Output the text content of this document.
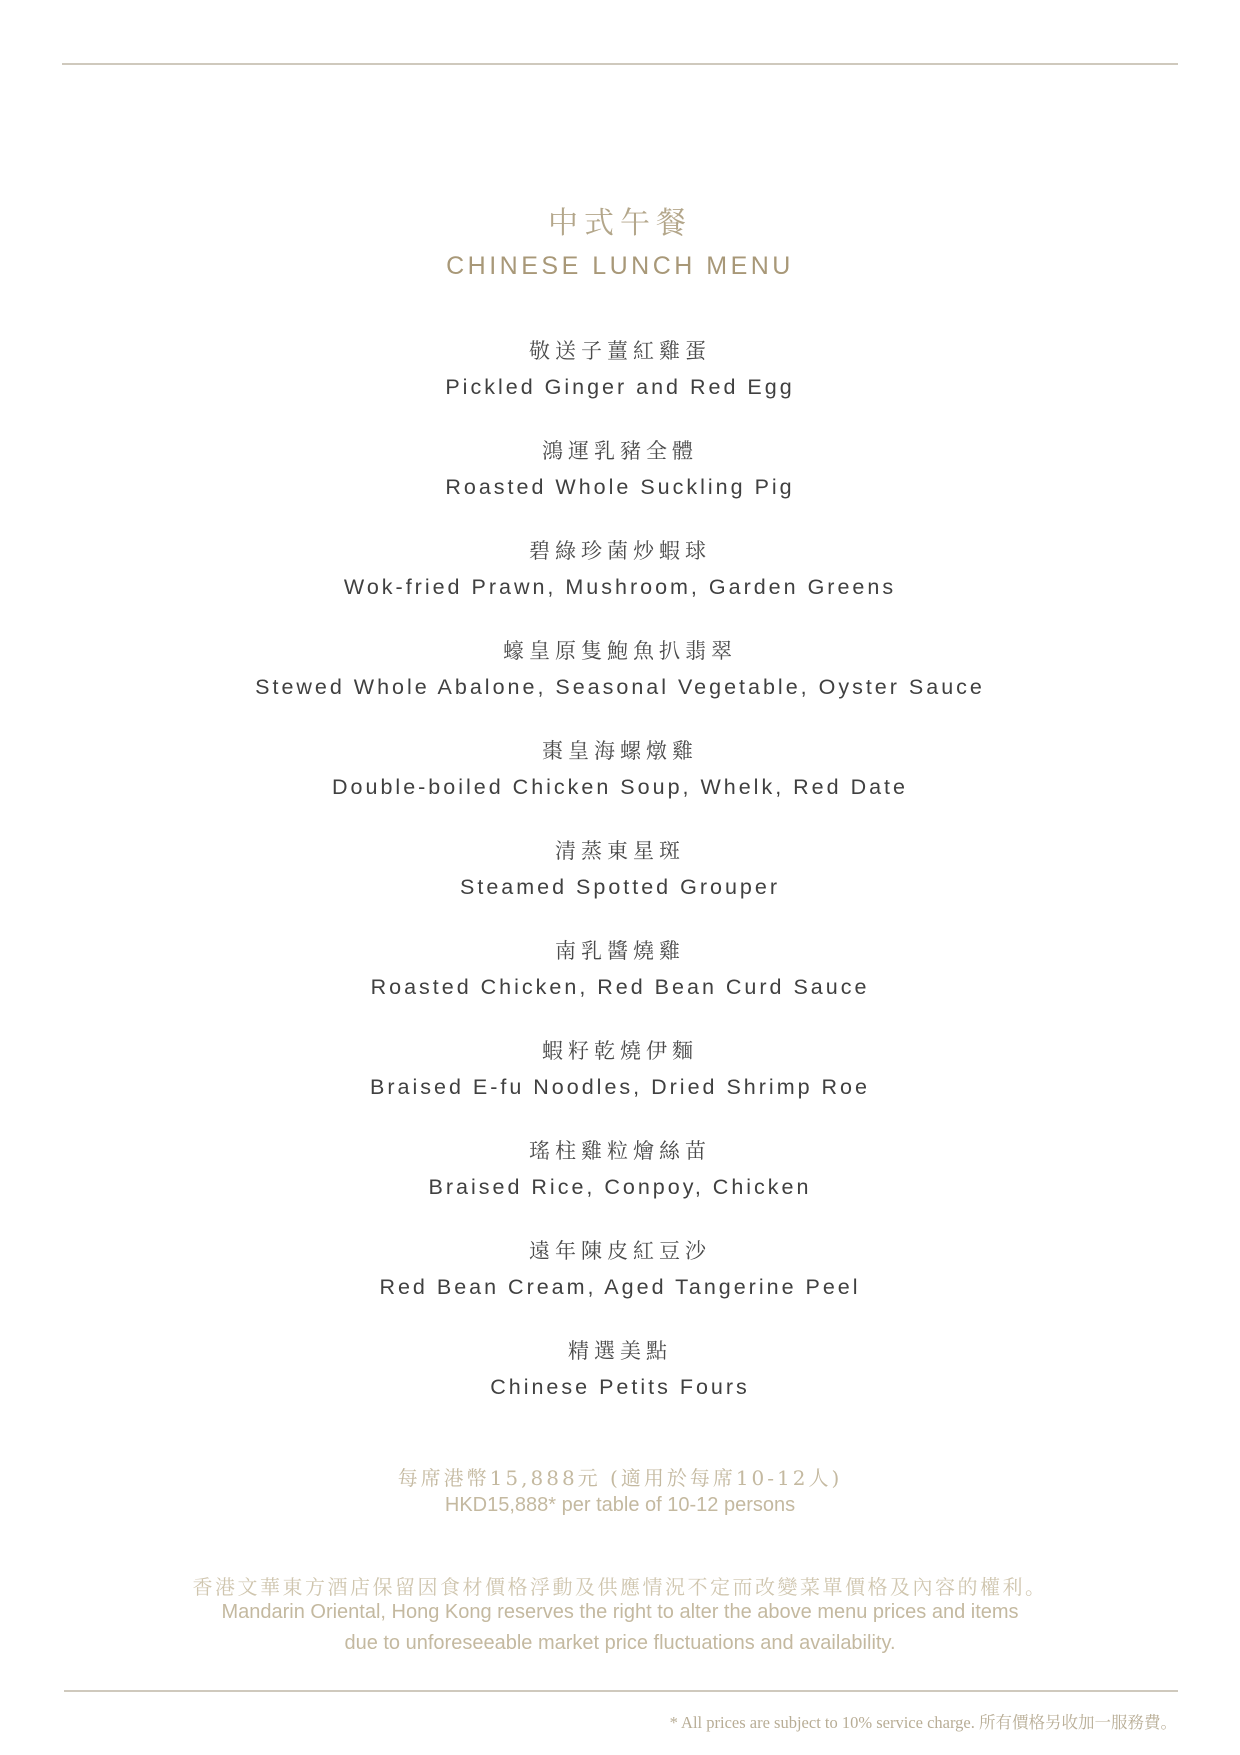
中式午餐
CHINESE LUNCH MENU
敬送子薑紅雞蛋
Pickled Ginger and Red Egg
鴻運乳豬全體
Roasted Whole Suckling Pig
碧綠珍菌炒蝦球
Wok-fried Prawn, Mushroom, Garden Greens
蠔皇原隻鮑魚扒翡翠
Stewed Whole Abalone, Seasonal Vegetable, Oyster Sauce
棗皇海螺燉雞
Double-boiled Chicken Soup, Whelk, Red Date
清蒸東星斑
Steamed Spotted Grouper
南乳醬燒雞
Roasted Chicken, Red Bean Curd Sauce
蝦籽乾燒伊麵
Braised E-fu Noodles, Dried Shrimp Roe
瑤柱雞粒燴絲苗
Braised Rice, Conpoy, Chicken
遠年陳皮紅豆沙
Red Bean Cream, Aged Tangerine Peel
精選美點
Chinese Petits Fours
每席港幣15,888元 (適用於每席10-12人)
HKD15,888* per table of 10-12 persons
香港文華東方酒店保留因食材價格浮動及供應情況不定而改變菜單價格及內容的權利。
Mandarin Oriental, Hong Kong reserves the right to alter the above menu prices and items
due to unforeseeable market price fluctuations and availability.
* All prices are subject to 10% service charge. 所有價格另收加一服務費。
